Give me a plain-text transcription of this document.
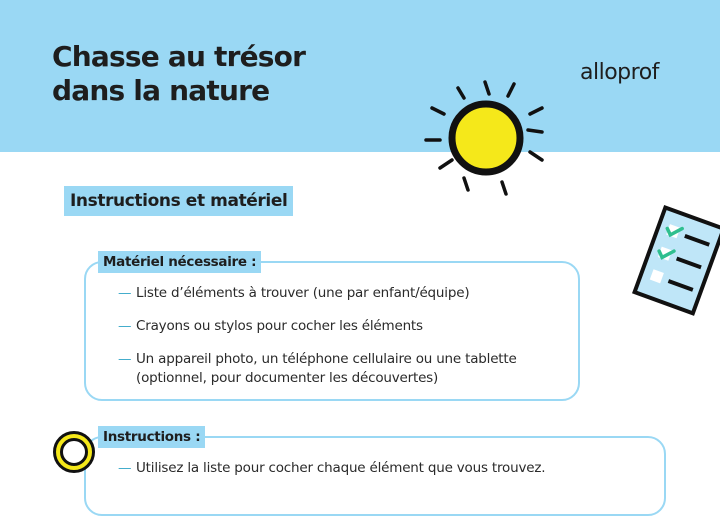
Chasse au trésor
dans la nature
alloprof
Instructions et matériel
Matériel nécessaire :
— Liste d’éléments à trouver (une par enfant/équipe)
— Crayons ou stylos pour cocher les éléments
— Un appareil photo, un téléphone cellulaire ou une tablette (optionnel, pour documenter les découvertes)
Instructions :
— Utilisez la liste pour cocher chaque élément que vous trouvez.
